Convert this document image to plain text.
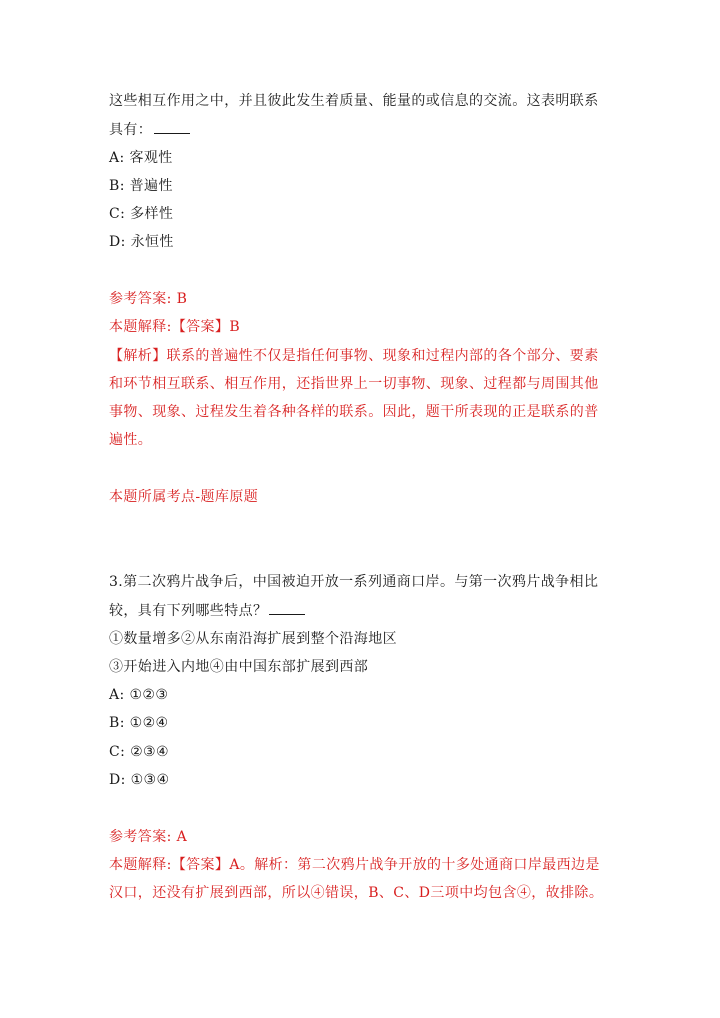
这些相互作用之中，并且彼此发生着质量、能量的或信息的交流。这表明联系
具有：
A: 客观性
B: 普遍性
C: 多样性
D: 永恒性
参考答案: B
本题解释:【答案】B
【解析】联系的普遍性不仅是指任何事物、现象和过程内部的各个部分、要素
和环节相互联系、相互作用，还指世界上一切事物、现象、过程都与周围其他
事物、现象、过程发生着各种各样的联系。因此，题干所表现的正是联系的普
遍性。
本题所属考点-题库原题
3.第二次鸦片战争后，中国被迫开放一系列通商口岸。与第一次鸦片战争相比
较，具有下列哪些特点？
①数量增多②从东南沿海扩展到整个沿海地区
③开始进入内地④由中国东部扩展到西部
A: ①②③
B: ①②④
C: ②③④
D: ①③④
参考答案: A
本题解释:【答案】A。解析：第二次鸦片战争开放的十多处通商口岸最西边是
汉口，还没有扩展到西部，所以④错误，B、C、D三项中均包含④，故排除。
